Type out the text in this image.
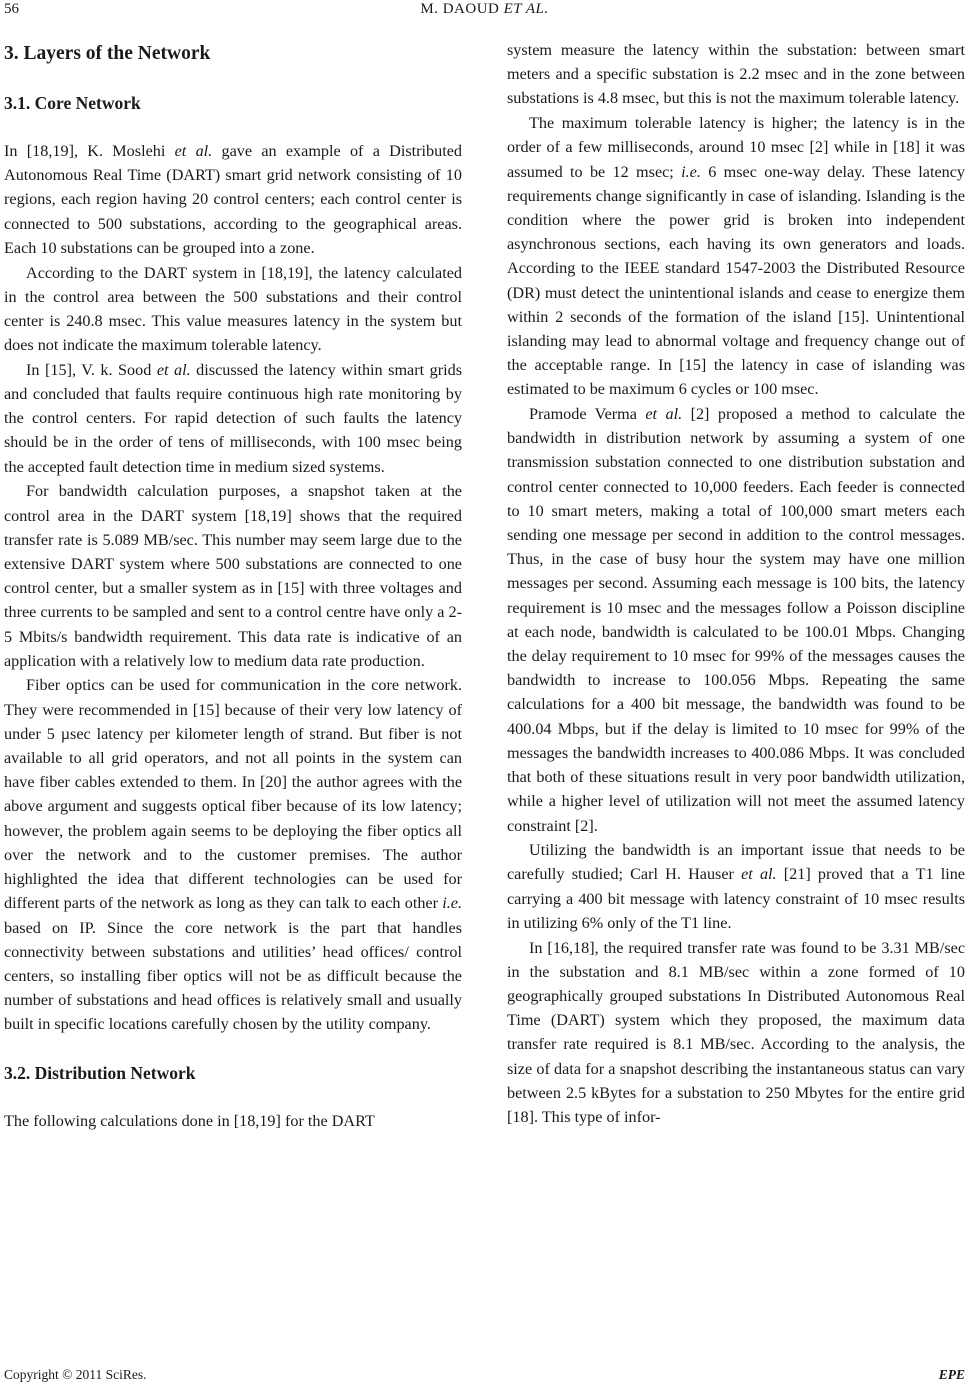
56	M. DAOUD ET AL.
3. Layers of the Network
3.1. Core Network

In [18,19], K. Moslehi et al. gave an example of a Distributed Autonomous Real Time (DART) smart grid network consisting of 10 regions, each region having 20 control centers; each control center is connected to 500 substations, according to the geographical areas. Each 10 substations can be grouped into a zone.

According to the DART system in [18,19], the latency calculated in the control area between the 500 substations and their control center is 240.8 msec. This value measures latency in the system but does not indicate the maximum tolerable latency.

In [15], V. k. Sood et al. discussed the latency within smart grids and concluded that faults require continuous high rate monitoring by the control centers. For rapid detection of such faults the latency should be in the order of tens of milliseconds, with 100 msec being the accepted fault detection time in medium sized systems.

For bandwidth calculation purposes, a snapshot taken at the control area in the DART system [18,19] shows that the required transfer rate is 5.089 MB/sec. This number may seem large due to the extensive DART system where 500 substations are connected to one control center, but a smaller system as in [15] with three voltages and three currents to be sampled and sent to a control centre have only a 2-5 Mbits/s bandwidth requirement. This data rate is indicative of an application with a relatively low to medium data rate production.

Fiber optics can be used for communication in the core network. They were recommended in [15] because of their very low latency of under 5 µsec latency per kilometer length of strand. But fiber is not available to all grid operators, and not all points in the system can have fiber cables extended to them. In [20] the author agrees with the above argument and suggests optical fiber because of its low latency; however, the problem again seems to be deploying the fiber optics all over the network and to the customer premises. The author highlighted the idea that different technologies can be used for different parts of the network as long as they can talk to each other i.e. based on IP. Since the core network is the part that handles connectivity between substations and utilities’ head offices/ control centers, so installing fiber optics will not be as difficult because the number of substations and head offices is relatively small and usually built in specific locations carefully chosen by the utility company.

3.2. Distribution Network

The following calculations done in [18,19] for the DART

system measure the latency within the substation: between smart meters and a specific substation is 2.2 msec and in the zone between substations is 4.8 msec, but this is not the maximum tolerable latency.

The maximum tolerable latency is higher; the latency is in the order of a few milliseconds, around 10 msec [2] while in [18] it was assumed to be 12 msec; i.e. 6 msec one-way delay. These latency requirements change significantly in case of islanding. Islanding is the condition where the power grid is broken into independent asynchronous sections, each having its own generators and loads. According to the IEEE standard 1547-2003 the Distributed Resource (DR) must detect the unintentional islands and cease to energize them within 2 seconds of the formation of the island [15]. Unintentional islanding may lead to abnormal voltage and frequency change out of the acceptable range. In [15] the latency in case of islanding was estimated to be maximum 6 cycles or 100 msec.

Pramode Verma et al. [2] proposed a method to calculate the bandwidth in distribution network by assuming a system of one transmission substation connected to one distribution substation and control center connected to 10,000 feeders. Each feeder is connected to 10 smart meters, making a total of 100,000 smart meters each sending one message per second in addition to the control messages. Thus, in the case of busy hour the system may have one million messages per second. Assuming each message is 100 bits, the latency requirement is 10 msec and the messages follow a Poisson discipline at each node, bandwidth is calculated to be 100.01 Mbps. Changing the delay requirement to 10 msec for 99% of the messages causes the bandwidth to increase to 100.056 Mbps. Repeating the same calculations for a 400 bit message, the bandwidth was found to be 400.04 Mbps, but if the delay is limited to 10 msec for 99% of the messages the bandwidth increases to 400.086 Mbps. It was concluded that both of these situations result in very poor bandwidth utilization, while a higher level of utilization will not meet the assumed latency constraint [2].

Utilizing the bandwidth is an important issue that needs to be carefully studied; Carl H. Hauser et al. [21] proved that a T1 line carrying a 400 bit message with latency constraint of 10 msec results in utilizing 6% only of the T1 line.

In [16,18], the required transfer rate was found to be 3.31 MB/sec in the substation and 8.1 MB/sec within a zone formed of 10 geographically grouped substations In Distributed Autonomous Real Time (DART) system which they proposed, the maximum data transfer rate required is 8.1 MB/sec. According to the analysis, the size of data for a snapshot describing the instantaneous status can vary between 2.5 kBytes for a substation to 250 Mbytes for the entire grid [18]. This type of infor-

Copyright © 2011 SciRes.	EPE
